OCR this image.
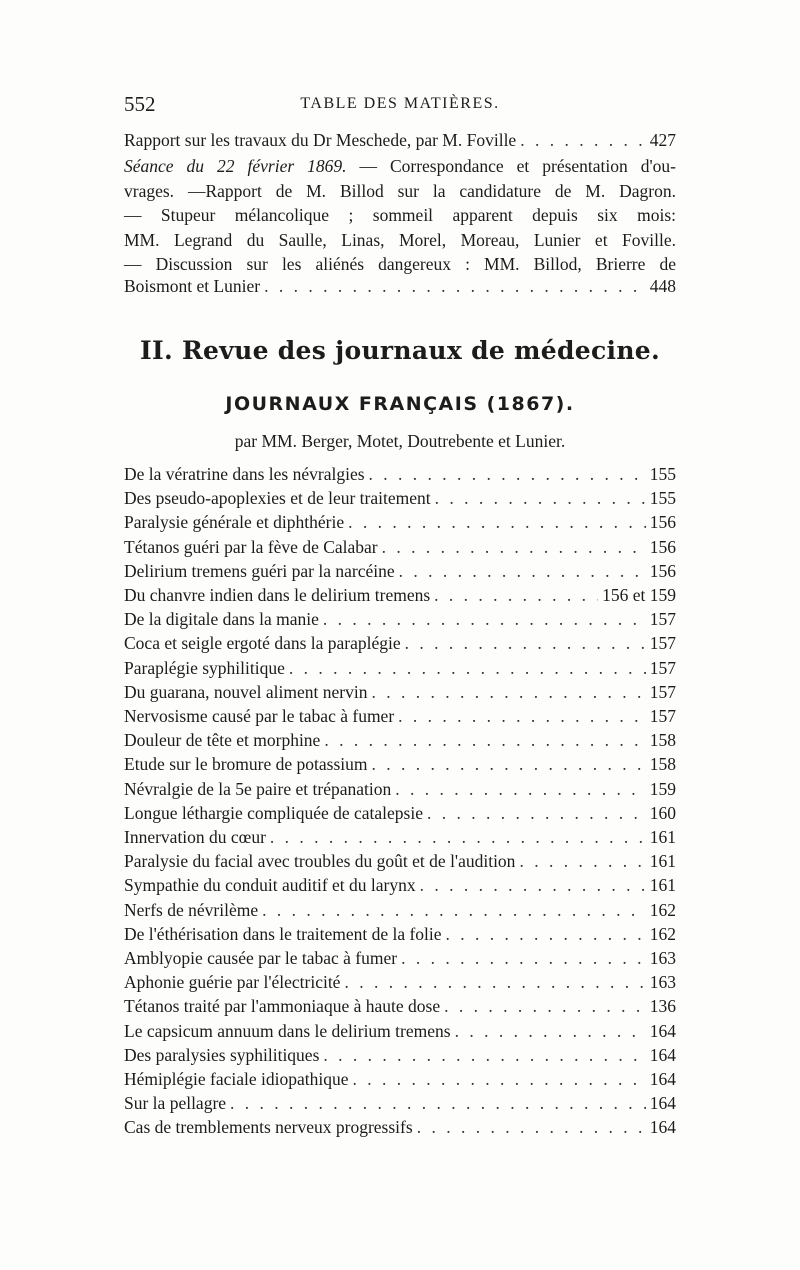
552	TABLE DES MATIÈRES.
Rapport sur les travaux du Dr Meschede, par M. Foville . . .	427
Séance du 22 février 1869. — Correspondance et présentation d'ou-
vrages. —Rapport de M. Billod sur la candidature de M. Dagron.
— Stupeur mélancolique ; sommeil apparent depuis six mois:
MM. Legrand du Saulle, Linas, Morel, Moreau, Lunier et Foville.
— Discussion sur les aliénés dangereux : MM. Billod, Brierre de
Boismont et Lunier . . .	448
II. Revue des journaux de médecine.
JOURNAUX FRANÇAIS (1867).
par MM. Berger, Motet, Doutrebente et Lunier.
De la vératrine dans les névralgies . . .	155
Des pseudo-apoplexies et de leur traitement . . .	155
Paralysie générale et diphthérie . . .	156
Tétanos guéri par la fève de Calabar . . .	156
Delirium tremens guéri par la narcéine . . .	156
Du chanvre indien dans le delirium tremens . . .	156 et 159
De la digitale dans la manie . . .	157
Coca et seigle ergoté dans la paraplégie . . .	157
Paraplégie syphilitique . . .	157
Du guarana, nouvel aliment nervin . . .	157
Nervosisme causé par le tabac à fumer . . .	157
Douleur de tête et morphine . . .	158
Etude sur le bromure de potassium . . .	158
Névralgie de la 5e paire et trépanation . . .	159
Longue léthargie compliquée de catalepsie . . .	160
Innervation du cœur . . .	161
Paralysie du facial avec troubles du goût et de l'audition . . .	161
Sympathie du conduit auditif et du larynx . . .	161
Nerfs de névrilème . . .	162
De l'éthérisation dans le traitement de la folie . . .	162
Amblyopie causée par le tabac à fumer . . .	163
Aphonie guérie par l'électricité . . .	163
Tétanos traité par l'ammoniaque à haute dose . . .	136
Le capsicum annuum dans le delirium tremens . . .	164
Des paralysies syphilitiques . . .	164
Hémiplégie faciale idiopathique . . .	164
Sur la pellagre . . .	164
Cas de tremblements nerveux progressifs . . .	164
